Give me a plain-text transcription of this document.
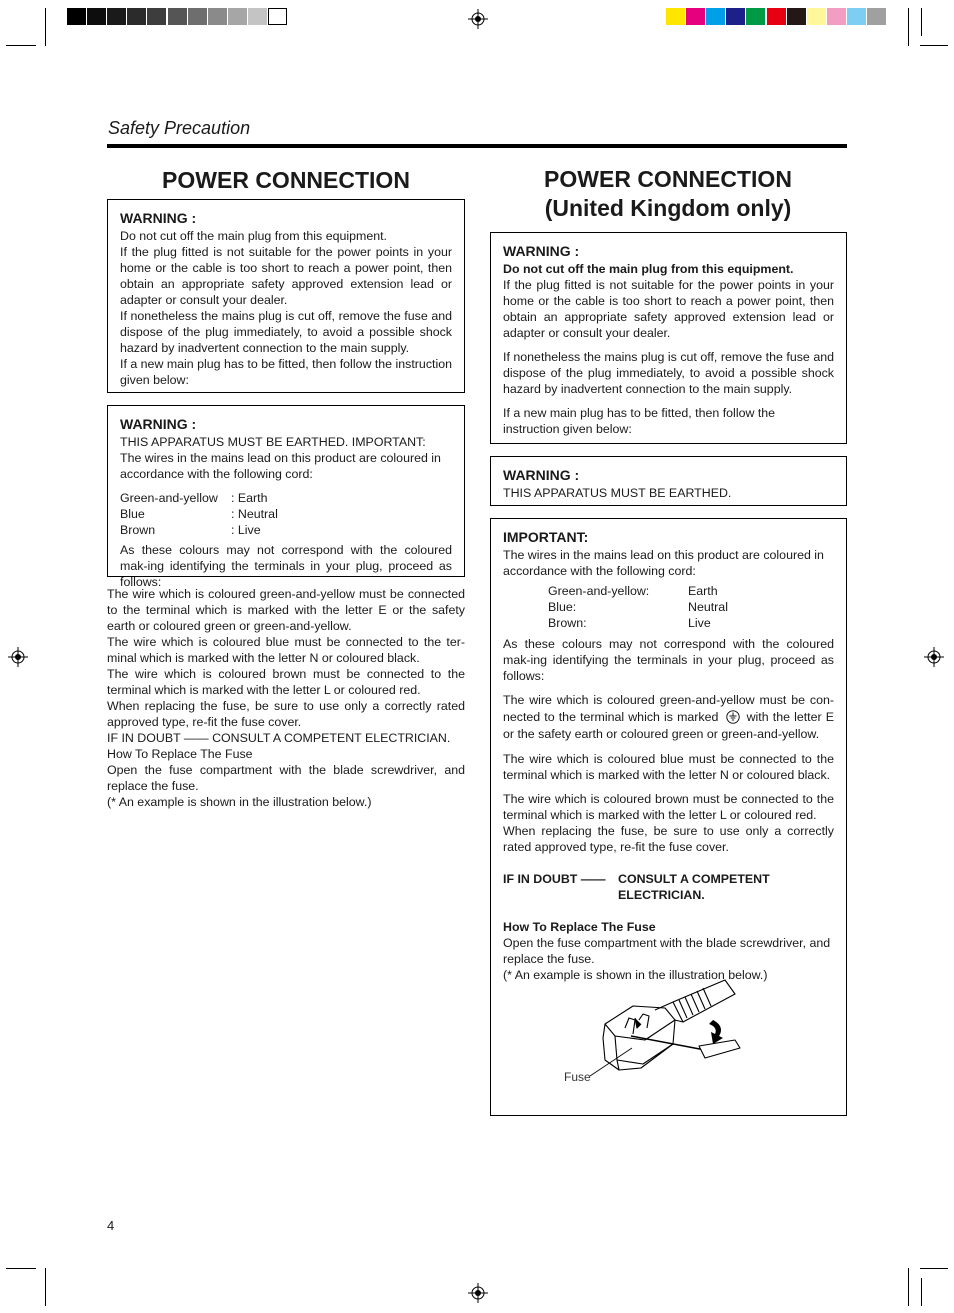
Safety Precaution
POWER CONNECTION

WARNING :

Do not cut off the main plug from this equipment.

If the plug fitted is not suitable for the power points in your home or the cable is too short to reach a power point, then obtain an appropriate safety approved extension lead or adapter or consult your dealer.

If nonetheless the mains plug is cut off, remove the fuse and dispose of the plug immediately, to avoid a possible shock hazard by inadvertent connection to the main supply.

If a new main plug has to be fitted, then follow the instruction given below:

WARNING :

THIS APPARATUS MUST BE EARTHED. IMPORTANT:

The wires in the mains lead on this product are coloured in accordance with the following cord:

Green-and-yellow	: Earth
Blue	: Neutral
Brown	: Live

As these colours may not correspond with the coloured mak-ing identifying the terminals in your plug, proceed as follows:

The wire which is coloured green-and-yellow must be connected to the terminal which is marked with the letter E or the safety earth or coloured green or green-and-yellow.

The wire which is coloured blue must be connected to the ter-minal which is marked with the letter N or coloured black.

The wire which is coloured brown must be connected to the terminal which is marked with the letter L or coloured red.

When replacing the fuse, be sure to use only a correctly rated approved type, re-fit the fuse cover.

IF IN DOUBT —— CONSULT A COMPETENT ELECTRICIAN.

How To Replace The Fuse

Open the fuse compartment with the blade screwdriver, and replace the fuse.

(* An example is shown in the illustration below.)

POWER CONNECTION
(United Kingdom only)

WARNING :

Do not cut off the main plug from this equipment.

If the plug fitted is not suitable for the power points in your home or the cable is too short to reach a power point, then obtain an appropriate safety approved extension lead or adapter or consult your dealer.

If nonetheless the mains plug is cut off, remove the fuse and dispose of the plug immediately, to avoid a possible shock hazard by inadvertent connection to the main supply.

If a new main plug has to be fitted, then follow the instruction given below:

WARNING :

THIS APPARATUS MUST BE EARTHED.

IMPORTANT:

The wires in the mains lead on this product are coloured in accordance with the following cord:

Green-and-yellow:	Earth
Blue:	Neutral
Brown:	Live

As these colours may not correspond with the coloured mak-ing identifying the terminals in your plug, proceed as follows:

The wire which is coloured green-and-yellow must be con-nected to the terminal which is marked with the letter E or the safety earth or coloured green or green-and-yellow.

The wire which is coloured blue must be connected to the terminal which is marked with the letter N or coloured black.

The wire which is coloured brown must be connected to the terminal which is marked with the letter L or coloured red.

When replacing the fuse, be sure to use only a correctly rated approved type, re-fit the fuse cover.

IF IN DOUBT ——	CONSULT A COMPETENT ELECTRICIAN.

How To Replace The Fuse

Open the fuse compartment with the blade screwdriver, and replace the fuse.

(* An example is shown in the illustration below.)

Fuse
4
